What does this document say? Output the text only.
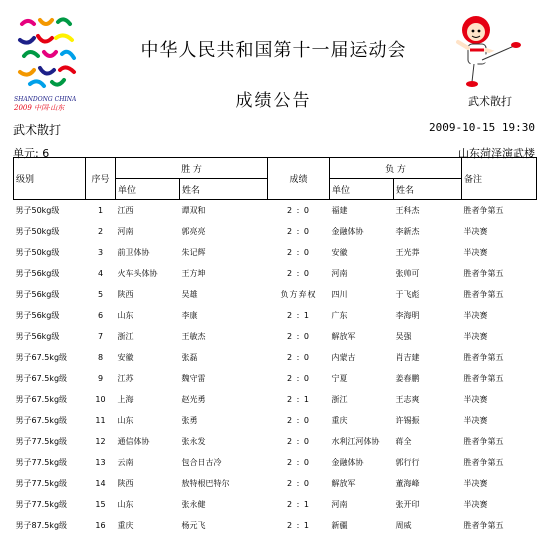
SHANDONG CHINA
2009 中国·山东
中华人民共和国第十一届运动会
成绩公告	武术散打
武术散打	2009-10-15 19:30
单元: 6	山东菏泽演武楼
级别	序号	胜 方		成绩	负 方		备注
		单位	姓名		单位	姓名	
男子50kg级	1	江西	谭双和	2 : 0	福建	王科杰	胜者争第五
男子50kg级	2	河南	郭亮亮	2 : 0	金融体协	李新杰	半决赛
男子50kg级	3	前卫体协	朱记辉	2 : 0	安徽	王光莽	半决赛
男子56kg级	4	火车头体协	王方坤	2 : 0	河南	张帅可	胜者争第五
男子56kg级	5	陕西	吴雄	负方弃权	四川	于飞彪	胜者争第五
男子56kg级	6	山东	李康	2 : 1	广东	李海明	半决赛
男子56kg级	7	浙江	王敏杰	2 : 0	解放军	吴强	半决赛
男子67.5kg级	8	安徽	张磊	2 : 0	内蒙古	肖吉建	胜者争第五
男子67.5kg级	9	江苏	魏守雷	2 : 0	宁夏	姜春鹏	胜者争第五
男子67.5kg级	10	上海	赵光勇	2 : 1	浙江	王志爽	半决赛
男子67.5kg级	11	山东	张勇	2 : 0	重庆	许锡振	半决赛
男子77.5kg级	12	通信体协	张永发	2 : 0	水利江河体协	蒋全	胜者争第五
男子77.5kg级	13	云南	包合日古冷	2 : 0	金融体协	郭行行	胜者争第五
男子77.5kg级	14	陕西	敖特根巴特尔	2 : 0	解放军	董海峰	半决赛
男子77.5kg级	15	山东	张永健	2 : 1	河南	张开印	半决赛
男子87.5kg级	16	重庆	杨元飞	2 : 1	新疆	周威	胜者争第五
